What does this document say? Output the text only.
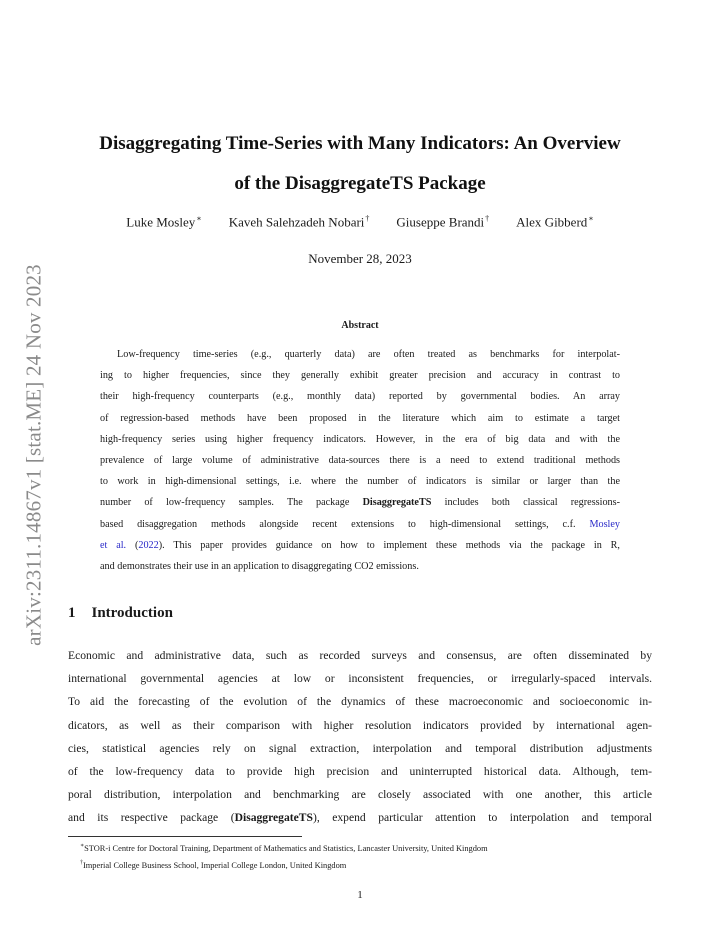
arXiv:2311.14867v1 [stat.ME] 24 Nov 2023
Disaggregating Time-Series with Many Indicators: An Overview
of the DisaggregateTS Package
Luke Mosley∗ Kaveh Salehzadeh Nobari† Giuseppe Brandi† Alex Gibberd∗
November 28, 2023
Abstract
Low-frequency time-series (e.g., quarterly data) are often treated as benchmarks for interpolat-
ing to higher frequencies, since they generally exhibit greater precision and accuracy in contrast to
their high-frequency counterparts (e.g., monthly data) reported by governmental bodies. An array
of regression-based methods have been proposed in the literature which aim to estimate a target
high-frequency series using higher frequency indicators. However, in the era of big data and with the
prevalence of large volume of administrative data-sources there is a need to extend traditional methods
to work in high-dimensional settings, i.e. where the number of indicators is similar or larger than the
number of low-frequency samples. The package DisaggregateTS includes both classical regressions-
based disaggregation methods alongside recent extensions to high-dimensional settings, c.f. Mosley
et al. (2022). This paper provides guidance on how to implement these methods via the package in R,
and demonstrates their use in an application to disaggregating CO2 emissions.
1 Introduction
Economic and administrative data, such as recorded surveys and consensus, are often disseminated by
international governmental agencies at low or inconsistent frequencies, or irregularly-spaced intervals.
To aid the forecasting of the evolution of the dynamics of these macroeconomic and socioeconomic in-
dicators, as well as their comparison with higher resolution indicators provided by international agen-
cies, statistical agencies rely on signal extraction, interpolation and temporal distribution adjustments
of the low-frequency data to provide high precision and uninterrupted historical data. Although, tem-
poral distribution, interpolation and benchmarking are closely associated with one another, this article
and its respective package (DisaggregateTS), expend particular attention to interpolation and temporal
∗STOR-i Centre for Doctoral Training, Department of Mathematics and Statistics, Lancaster University, United Kingdom
†Imperial College Business School, Imperial College London, United Kingdom
1
